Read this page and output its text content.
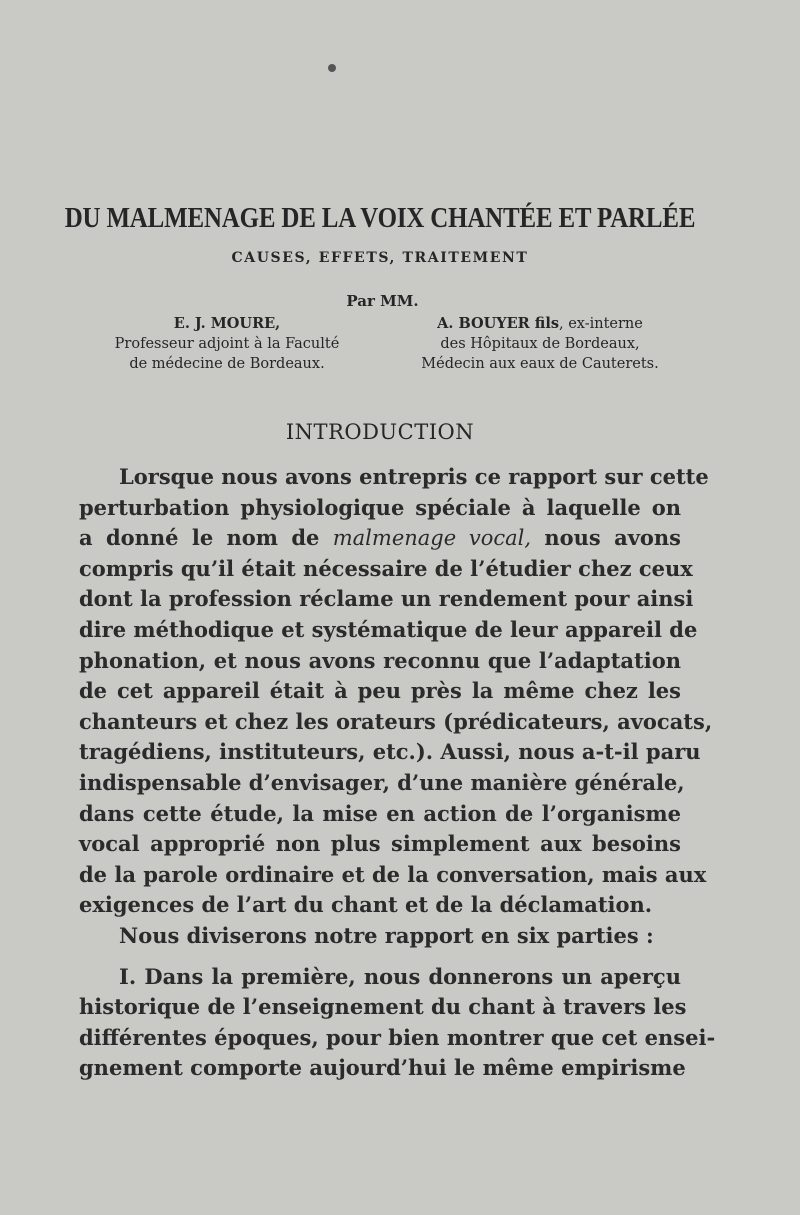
DU MALMENAGE DE LA VOIX CHANTÉE ET PARLÉE
CAUSES, EFFETS, TRAITEMENT
Par MM.
E. J. MOURE,
Professeur adjoint à la Faculté
de médecine de Bordeaux.
A. BOUYER fils, ex-interne
des Hôpitaux de Bordeaux,
Médecin aux eaux de Cauterets.
INTRODUCTION
Lorsque nous avons entrepris ce rapport sur cette
perturbation physiologique spéciale à laquelle on
a donné le nom de malmenage vocal, nous avons
compris qu’il était nécessaire de l’étudier chez ceux
dont la profession réclame un rendement pour ainsi
dire méthodique et systématique de leur appareil de
phonation, et nous avons reconnu que l’adaptation
de cet appareil était à peu près la même chez les
chanteurs et chez les orateurs (prédicateurs, avocats,
tragédiens, instituteurs, etc.). Aussi, nous a-t-il paru
indispensable d’envisager, d’une manière générale,
dans cette étude, la mise en action de l’organisme
vocal approprié non plus simplement aux besoins
de la parole ordinaire et de la conversation, mais aux
exigences de l’art du chant et de la déclamation.
Nous diviserons notre rapport en six parties :
I. Dans la première, nous donnerons un aperçu
historique de l’enseignement du chant à travers les
différentes époques, pour bien montrer que cet ensei-
gnement comporte aujourd’hui le même empirisme
